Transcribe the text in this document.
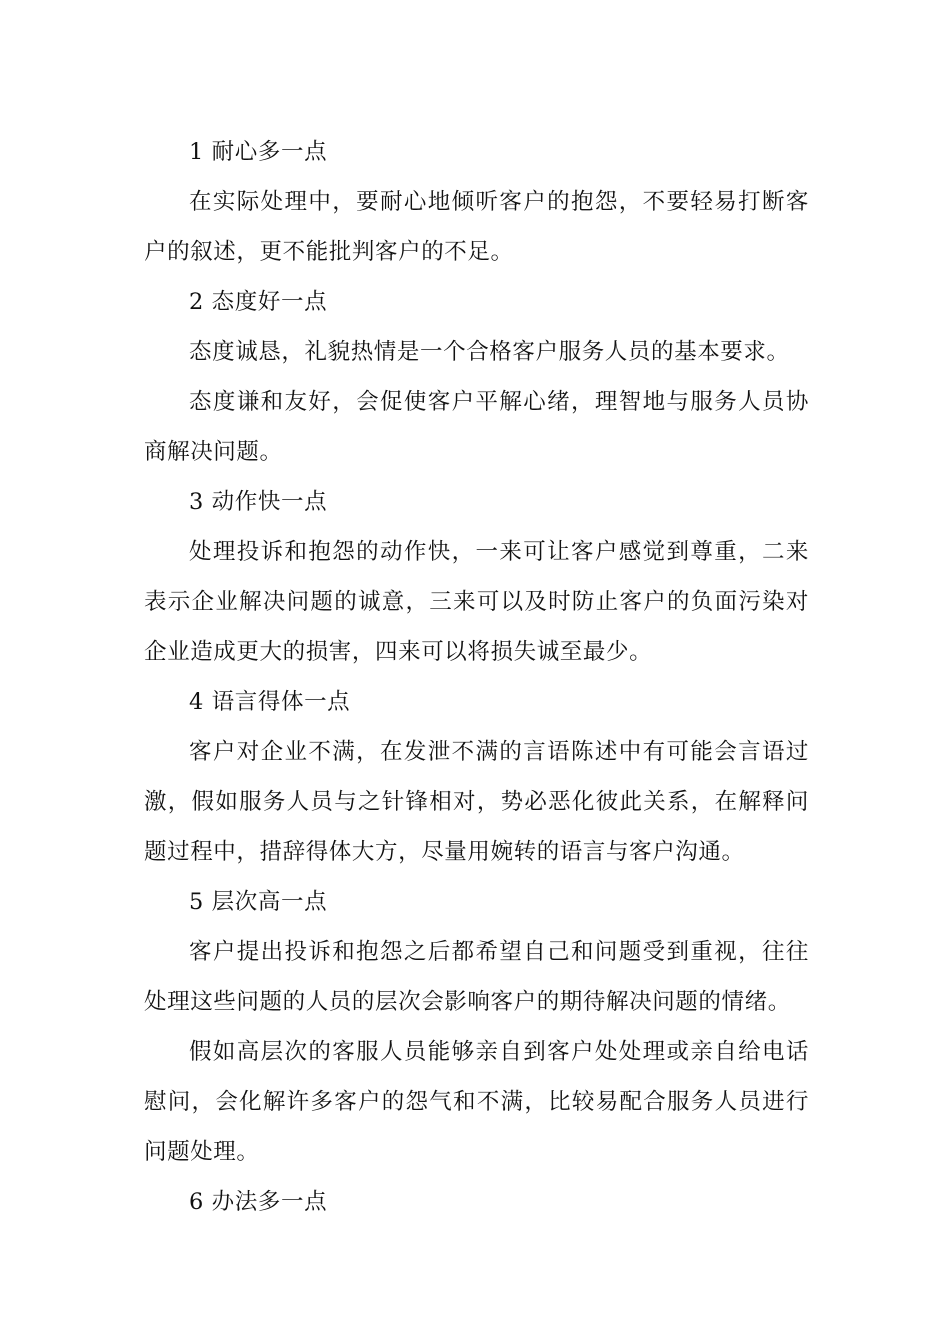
1 耐心多一点

在实际处理中，要耐心地倾听客户的抱怨，不要轻易打断客户的叙述，更不能批判客户的不足。

2 态度好一点

态度诚恳，礼貌热情是一个合格客户服务人员的基本要求。

态度谦和友好，会促使客户平解心绪，理智地与服务人员协商解决问题。

3 动作快一点

处理投诉和抱怨的动作快，一来可让客户感觉到尊重，二来表示企业解决问题的诚意，三来可以及时防止客户的负面污染对企业造成更大的损害，四来可以将损失诚至最少。

4 语言得体一点

客户对企业不满，在发泄不满的言语陈述中有可能会言语过激，假如服务人员与之针锋相对，势必恶化彼此关系，在解释问题过程中，措辞得体大方，尽量用婉转的语言与客户沟通。

5 层次高一点

客户提出投诉和抱怨之后都希望自己和问题受到重视，往往处理这些问题的人员的层次会影响客户的期待解决问题的情绪。

假如高层次的客服人员能够亲自到客户处处理或亲自给电话慰问，会化解许多客户的怨气和不满，比较易配合服务人员进行问题处理。

6 办法多一点
